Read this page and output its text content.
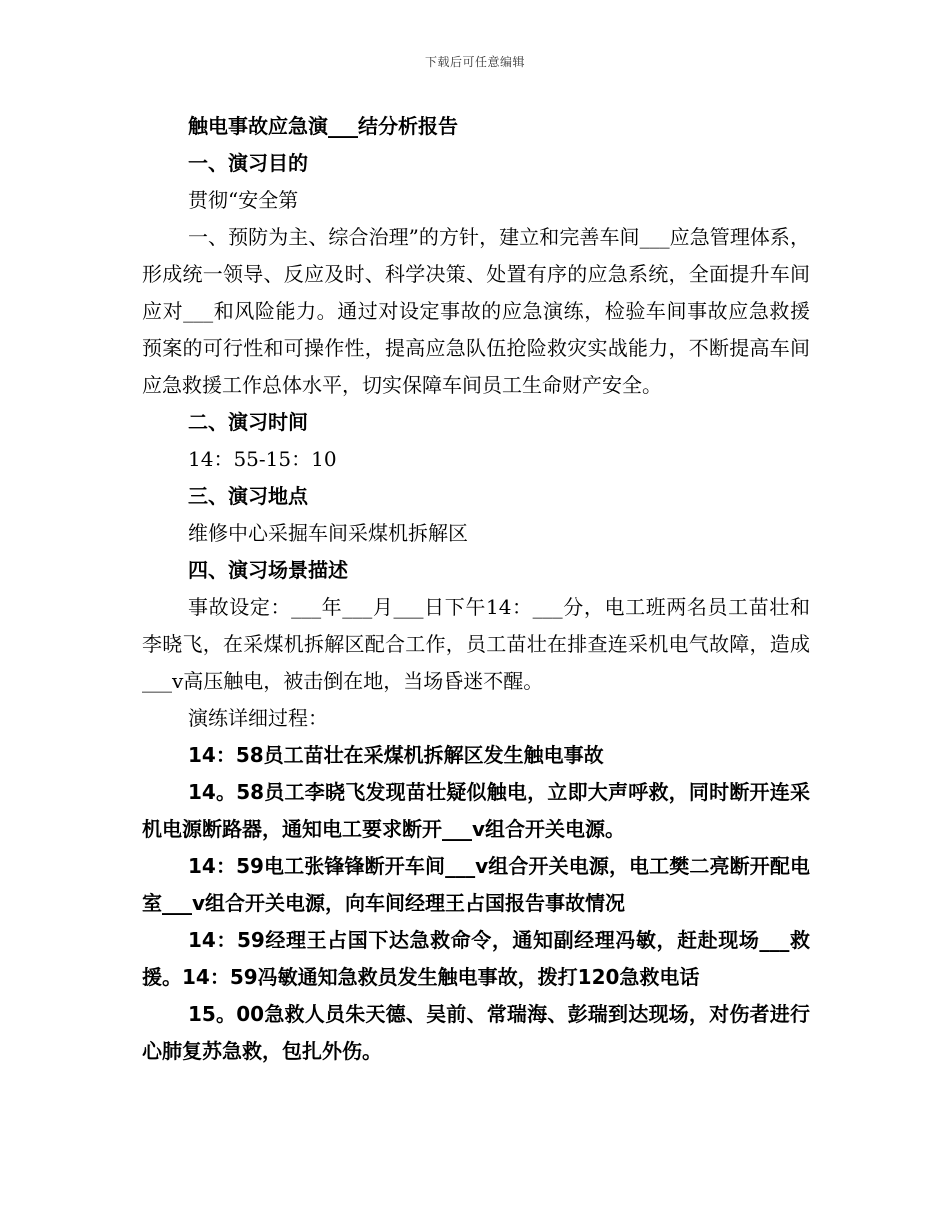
下载后可任意编辑

触电事故应急演___结分析报告

一、演习目的

贯彻“安全第

一、预防为主、综合治理”的方针，建立和完善车间___应急管理体系，形成统一领导、反应及时、科学决策、处置有序的应急系统，全面提升车间应对___和风险能力。通过对设定事故的应急演练，检验车间事故应急救援预案的可行性和可操作性，提高应急队伍抢险救灾实战能力，不断提高车间应急救援工作总体水平，切实保障车间员工生命财产安全。

二、演习时间

14：55-15：10

三、演习地点

维修中心采掘车间采煤机拆解区

四、演习场景描述

事故设定：___年___月___日下午14：___分，电工班两名员工苗壮和李晓飞，在采煤机拆解区配合工作，员工苗壮在排查连采机电气故障，造成___v高压触电，被击倒在地，当场昏迷不醒。

演练详细过程：

14：58员工苗壮在采煤机拆解区发生触电事故

14。58员工李晓飞发现苗壮疑似触电，立即大声呼救，同时断开连采机电源断路器，通知电工要求断开___v组合开关电源。

14：59电工张锋锋断开车间___v组合开关电源，电工樊二亮断开配电室___v组合开关电源，向车间经理王占国报告事故情况

14：59经理王占国下达急救命令，通知副经理冯敏，赶赴现场___救援。14：59冯敏通知急救员发生触电事故，拨打120急救电话

15。00急救人员朱天德、吴前、常瑞海、彭瑞到达现场，对伤者进行心肺复苏急救，包扎外伤。
